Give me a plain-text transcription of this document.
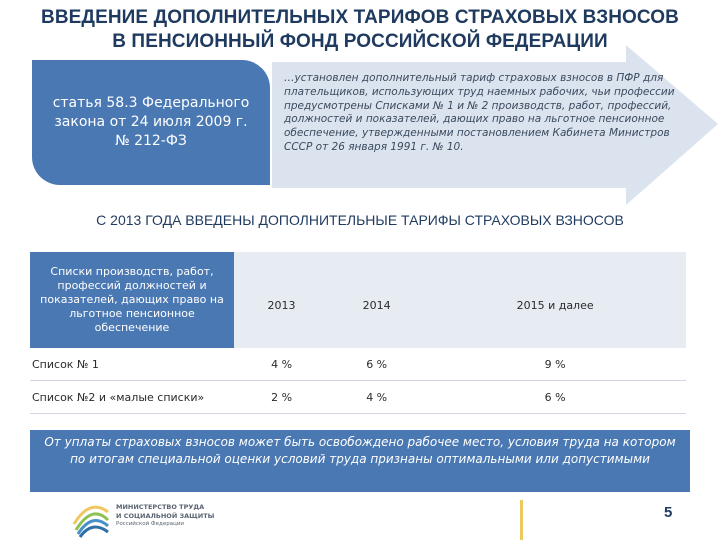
ВВЕДЕНИЕ ДОПОЛНИТЕЛЬНЫХ ТАРИФОВ СТРАХОВЫХ ВЗНОСОВ
В ПЕНСИОННЫЙ ФОНД РОССИЙСКОЙ ФЕДЕРАЦИИ
статья 58.3 Федерального
закона от 24 июля 2009 г.
№ 212-ФЗ
…установлен дополнительный тариф страховых взносов в ПФР для плательщиков, использующих труд наемных рабочих, чьи профессии предусмотрены Списками № 1 и № 2 производств, работ, профессий, должностей и показателей, дающих право на льготное пенсионное обеспечение, утвержденными постановлением Кабинета Министров СССР от 26 января 1991 г. № 10.
С 2013 ГОДА ВВЕДЕНЫ ДОПОЛНИТЕЛЬНЫЕ ТАРИФЫ СТРАХОВЫХ ВЗНОСОВ
Списки производств, работ, профессий должностей и показателей, дающих право на льготное пенсионное обеспечение	2013	2014	2015 и далее
Список № 1	4 %	6 %	9 %
Список №2 и «малые списки»	2 %	4 %	6 %
От уплаты страховых взносов может быть освобождено рабочее место, условия труда на котором по итогам специальной оценки условий труда признаны оптимальными или допустимыми
МИНИСТЕРСТВО ТРУДА
И СОЦИАЛЬНОЙ ЗАЩИТЫ
Российской Федерации
5
